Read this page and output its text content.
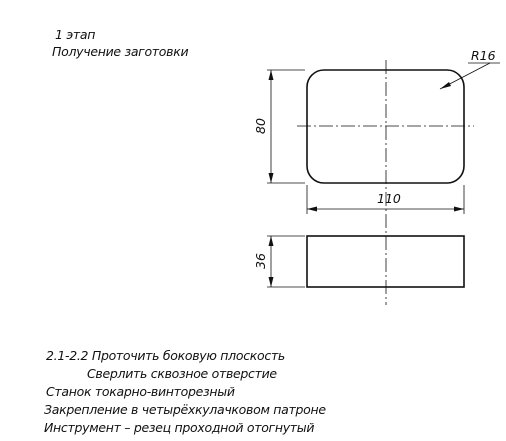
1 этап
Получение заготовки	R16
110
80
36
2.1-2.2 Проточить боковую плоскость
Сверлить сквозное отверстие
Станок токарно-винторезный
Закрепление в четырёхкулачковом патроне
Инструмент – резец проходной отогнутый
